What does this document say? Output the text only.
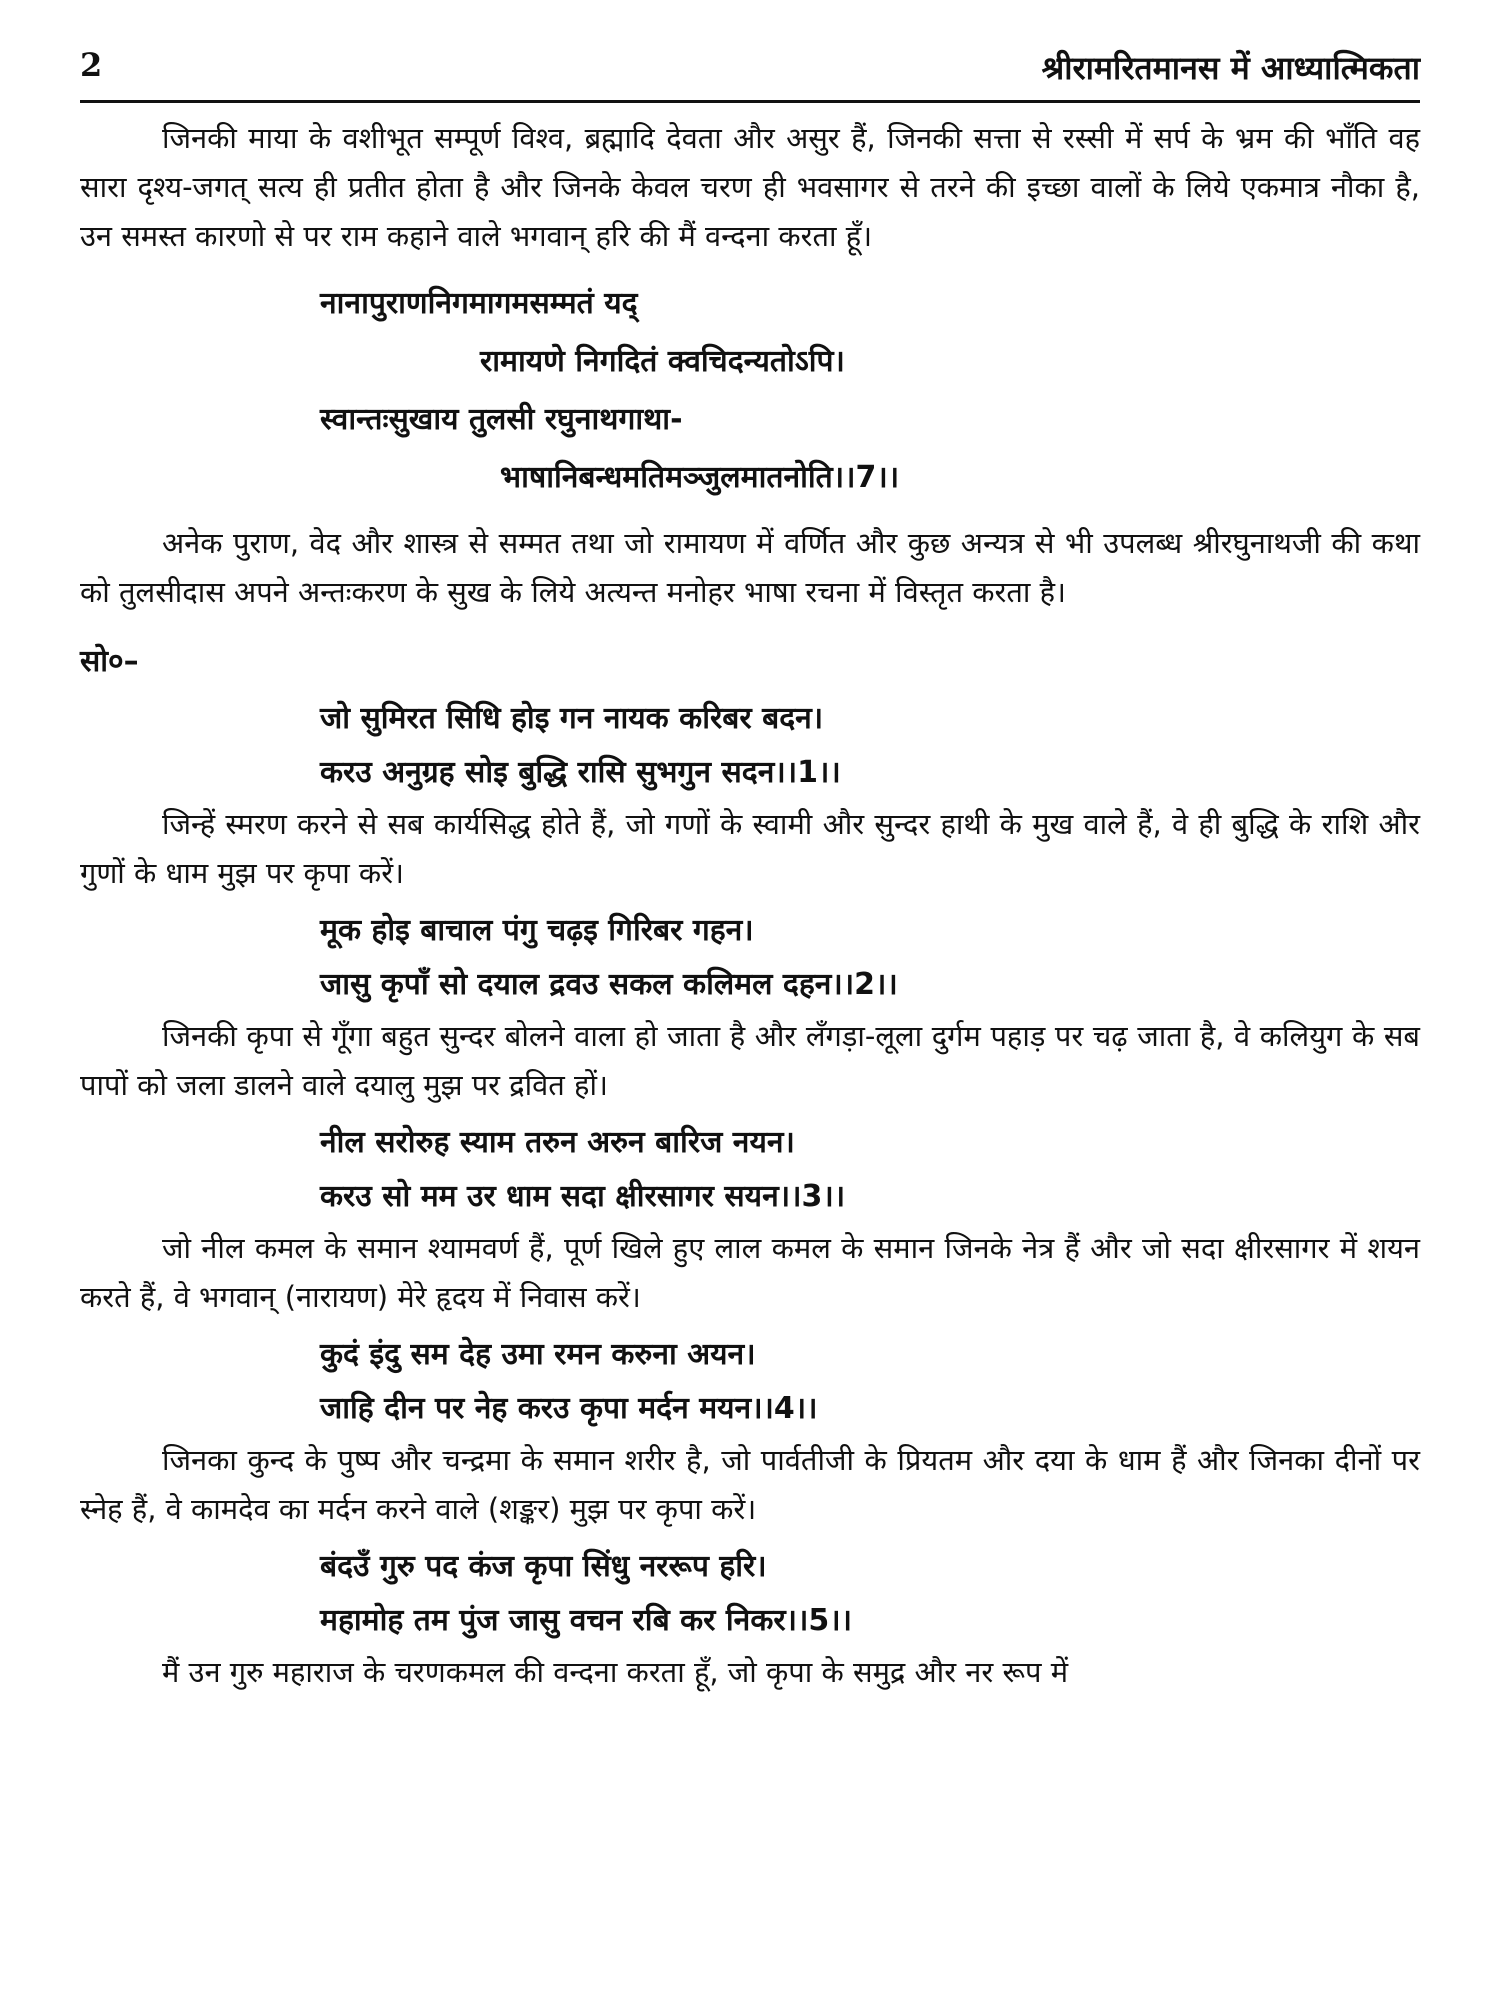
2	श्रीरामरितमानस में आध्यात्मिकता

जिनकी माया के वशीभूत सम्पूर्ण विश्व, ब्रह्मादि देवता और असुर हैं, जिनकी सत्ता से रस्सी में सर्प के भ्रम की भाँति वह सारा दृश्य-जगत् सत्य ही प्रतीत होता है और जिनके केवल चरण ही भवसागर से तरने की इच्छा वालों के लिये एकमात्र नौका है, उन समस्त कारणो से पर राम कहाने वाले भगवान् हरि की मैं वन्दना करता हूँ।

नानापुराणनिगमागमसम्मतं यद्
रामायणे निगदितं क्वचिदन्यतोऽपि।
स्वान्तःसुखाय तुलसी रघुनाथगाथा-
भाषानिबन्धमतिमञ्जुलमातनोति।।7।।

अनेक पुराण, वेद और शास्त्र से सम्मत तथा जो रामायण में वर्णित और कुछ अन्यत्र से भी उपलब्ध श्रीरघुनाथजी की कथा को तुलसीदास अपने अन्तःकरण के सुख के लिये अत्यन्त मनोहर भाषा रचना में विस्तृत करता है।

सो०–
जो सुमिरत सिधि होइ गन नायक करिबर बदन।
करउ अनुग्रह सोइ बुद्धि रासि सुभगुन सदन।।1।।

जिन्हें स्मरण करने से सब कार्यसिद्ध होते हैं, जो गणों के स्वामी और सुन्दर हाथी के मुख वाले हैं, वे ही बुद्धि के राशि और गुणों के धाम मुझ पर कृपा करें।

मूक होइ बाचाल पंगु चढ़इ गिरिबर गहन।
जासु कृपाँ सो दयाल द्रवउ सकल कलिमल दहन।।2।।

जिनकी कृपा से गूँगा बहुत सुन्दर बोलने वाला हो जाता है और लँगड़ा-लूला दुर्गम पहाड़ पर चढ़ जाता है, वे कलियुग के सब पापों को जला डालने वाले दयालु मुझ पर द्रवित हों।

नील सरोरुह स्याम तरुन अरुन बारिज नयन।
करउ सो मम उर धाम सदा क्षीरसागर सयन।।3।।

जो नील कमल के समान श्यामवर्ण हैं, पूर्ण खिले हुए लाल कमल के समान जिनके नेत्र हैं और जो सदा क्षीरसागर में शयन करते हैं, वे भगवान् (नारायण) मेरे हृदय में निवास करें।

कुदं इंदु सम देह उमा रमन करुना अयन।
जाहि दीन पर नेह करउ कृपा मर्दन मयन।।4।।

जिनका कुन्द के पुष्प और चन्द्रमा के समान शरीर है, जो पार्वतीजी के प्रियतम और दया के धाम हैं और जिनका दीनों पर स्नेह हैं, वे कामदेव का मर्दन करने वाले (शङ्कर) मुझ पर कृपा करें।

बंदउँ गुरु पद कंज कृपा सिंधु नररूप हरि।
महामोह तम पुंज जासु वचन रबि कर निकर।।5।।

मैं उन गुरु महाराज के चरणकमल की वन्दना करता हूँ, जो कृपा के समुद्र और नर रूप में
